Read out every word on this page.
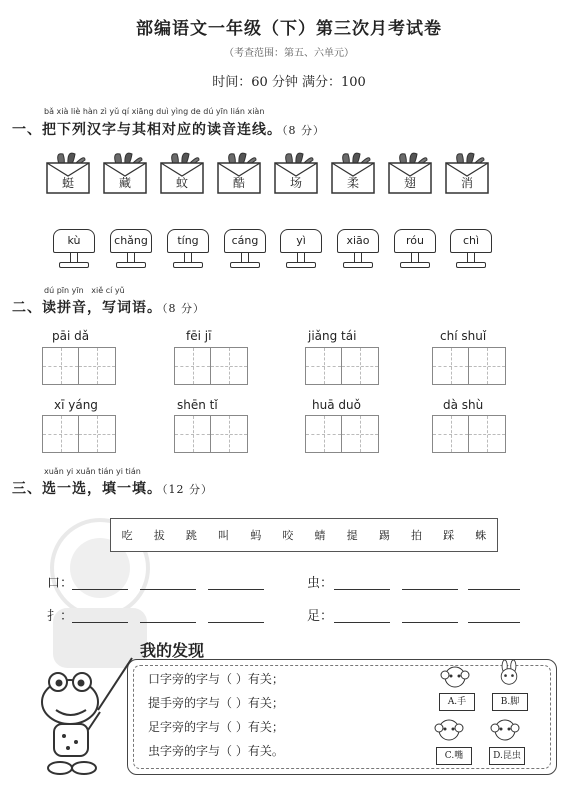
部编语文一年级（下）第三次月考试卷
（考查范围：第五、六单元）
时间：60 分钟 满分：100
bǎ xià liè hàn zì yǔ qí xiāng duì yìng de dú yīn lián xiàn
一、把下列汉字与其相对应的读音连线。（8 分）
蜓	藏	蚊	酷	场	柔	翅	消
kù	chǎng	tíng	cáng	yì	xiāo	róu	chì
dú pīn yīn xiě cí yǔ
二、读拼音，写词语。（8 分）
pāi dǎ	fēi jī	jiǎng tái	chí shuǐ
xī yáng	shēn tǐ	huā duǒ	dà shù
xuǎn yi xuǎn tián yi tián
三、选一选，填一填。（12 分）
吃 拔 跳 叫 蚂 咬 蜻 提 踢 拍 踩 蛛
口：	虫：
扌：	足：
我的发现
口字旁的字与（ ）有关；
提手旁的字与（ ）有关；
足字旁的字与（ ）有关；
虫字旁的字与（ ）有关。
A.手	B.脚
C.嘴	D.昆虫
